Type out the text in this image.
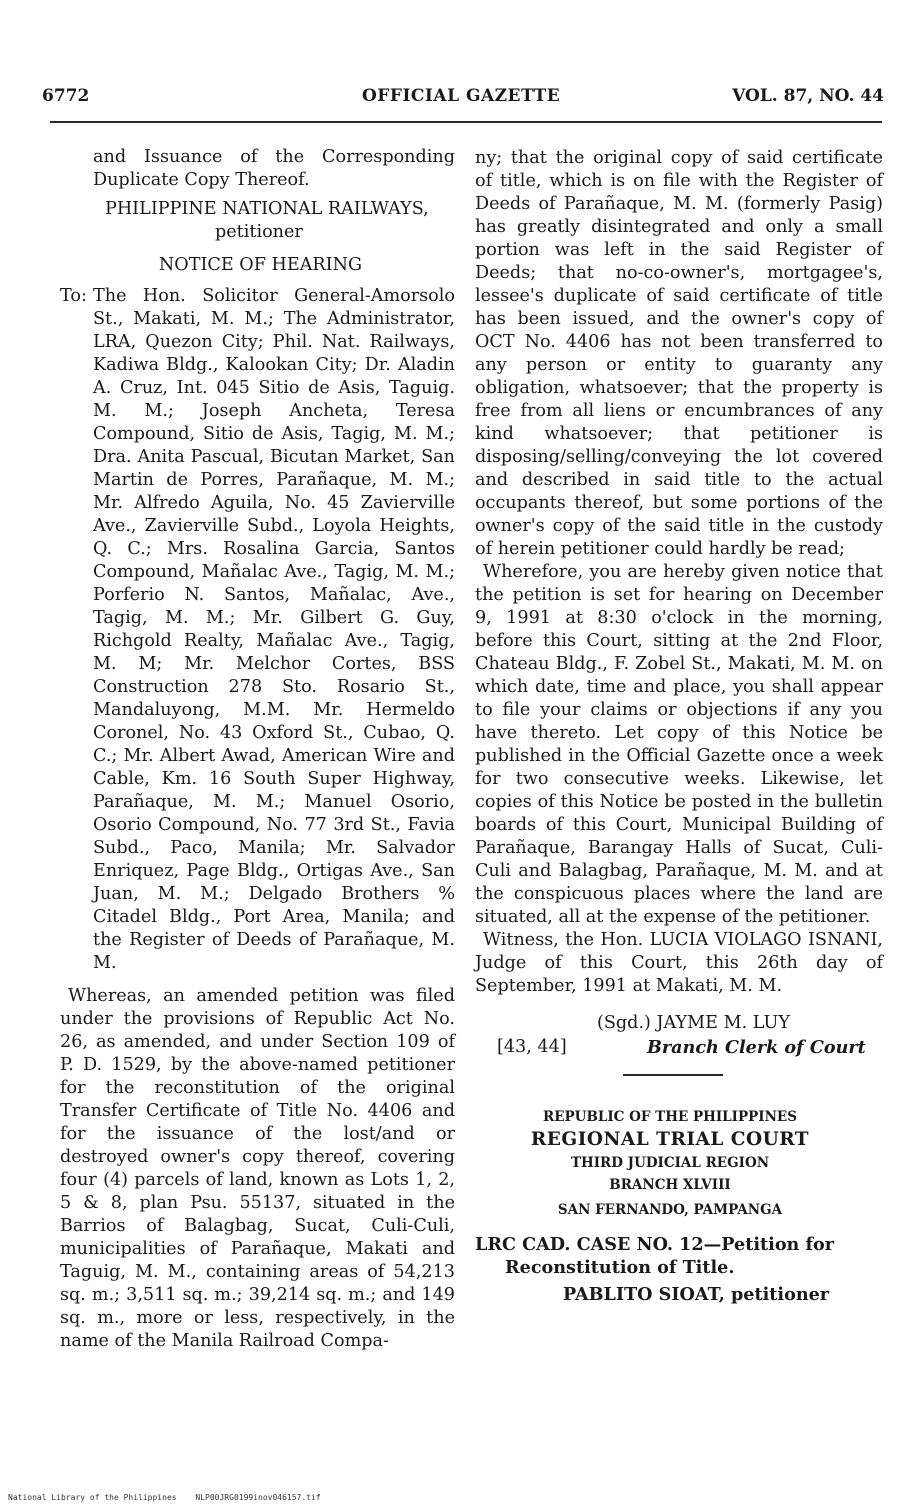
6772	OFFICIAL GAZETTE	VOL. 87, NO. 44

and Issuance of the Corresponding Duplicate Copy Thereof.

PHILIPPINE NATIONAL RAILWAYS,

petitioner

NOTICE OF HEARING

To: The Hon. Solicitor General-Amorsolo St., Makati, M. M.; The Administrator, LRA, Quezon City; Phil. Nat. Railways, Kadiwa Bldg., Kalookan City; Dr. Aladin A. Cruz, Int. 045 Sitio de Asis, Taguig. M. M.; Joseph Ancheta, Teresa Compound, Sitio de Asis, Tagig, M. M.; Dra. Anita Pascual, Bicutan Market, San Martin de Porres, Parañaque, M. M.; Mr. Alfredo Aguila, No. 45 Zavierville Ave., Zavierville Subd., Loyola Heights, Q. C.; Mrs. Rosalina Garcia, Santos Compound, Mañalac Ave., Tagig, M. M.; Porferio N. Santos, Mañalac, Ave., Tagig, M. M.; Mr. Gilbert G. Guy, Richgold Realty, Mañalac Ave., Tagig, M. M; Mr. Melchor Cortes, BSS Construction 278 Sto. Rosario St., Mandaluyong, M.M. Mr. Hermeldo Coronel, No. 43 Oxford St., Cubao, Q. C.; Mr. Albert Awad, American Wire and Cable, Km. 16 South Super Highway, Parañaque, M. M.; Manuel Osorio, Osorio Compound, No. 77 3rd St., Favia Subd., Paco, Manila; Mr. Salvador Enriquez, Page Bldg., Ortigas Ave., San Juan, M. M.; Delgado Brothers % Citadel Bldg., Port Area, Manila; and the Register of Deeds of Parañaque, M. M.

Whereas, an amended petition was filed under the provisions of Republic Act No. 26, as amended, and under Section 109 of P. D. 1529, by the above-named petitioner for the reconstitution of the original Transfer Certificate of Title No. 4406 and for the issuance of the lost/and or destroyed owner's copy thereof, covering four (4) parcels of land, known as Lots 1, 2, 5 & 8, plan Psu. 55137, situated in the Barrios of Balagbag, Sucat, Culi-Culi, municipalities of Parañaque, Makati and Taguig, M. M., containing areas of 54,213 sq. m.; 3,511 sq. m.; 39,214 sq. m.; and 149 sq. m., more or less, respectively, in the name of the Manila Railroad Compa-

ny; that the original copy of said certificate of title, which is on file with the Register of Deeds of Parañaque, M. M. (formerly Pasig) has greatly disintegrated and only a small portion was left in the said Register of Deeds; that no-co-owner's, mortgagee's, lessee's duplicate of said certificate of title has been issued, and the owner's copy of OCT No. 4406 has not been transferred to any person or entity to guaranty any obligation, whatsoever; that the property is free from all liens or encumbrances of any kind whatsoever; that petitioner is disposing/selling/conveying the lot covered and described in said title to the actual occupants thereof, but some portions of the owner's copy of the said title in the custody of herein petitioner could hardly be read;

Wherefore, you are hereby given notice that the petition is set for hearing on December 9, 1991 at 8:30 o'clock in the morning, before this Court, sitting at the 2nd Floor, Chateau Bldg., F. Zobel St., Makati, M. M. on which date, time and place, you shall appear to file your claims or objections if any you have thereto. Let copy of this Notice be published in the Official Gazette once a week for two consecutive weeks. Likewise, let copies of this Notice be posted in the bulletin boards of this Court, Municipal Building of Parañaque, Barangay Halls of Sucat, Culi-Culi and Balagbag, Parañaque, M. M. and at the conspicuous places where the land are situated, all at the expense of the petitioner.

Witness, the Hon. LUCIA VIOLAGO ISNANI, Judge of this Court, this 26th day of September, 1991 at Makati, M. M.

(Sgd.) JAYME M. LUY
[43, 44]	Branch Clerk of Court

REPUBLIC OF THE PHILIPPINES

REGIONAL TRIAL COURT

THIRD JUDICIAL REGION

BRANCH XLVIII

SAN FERNANDO, PAMPANGA

LRC CAD. CASE NO. 12—Petition for Reconstitution of Title.

PABLITO SIOAT, petitioner

National Library of the Philippines NLP00JRG0199inov046157.tif
